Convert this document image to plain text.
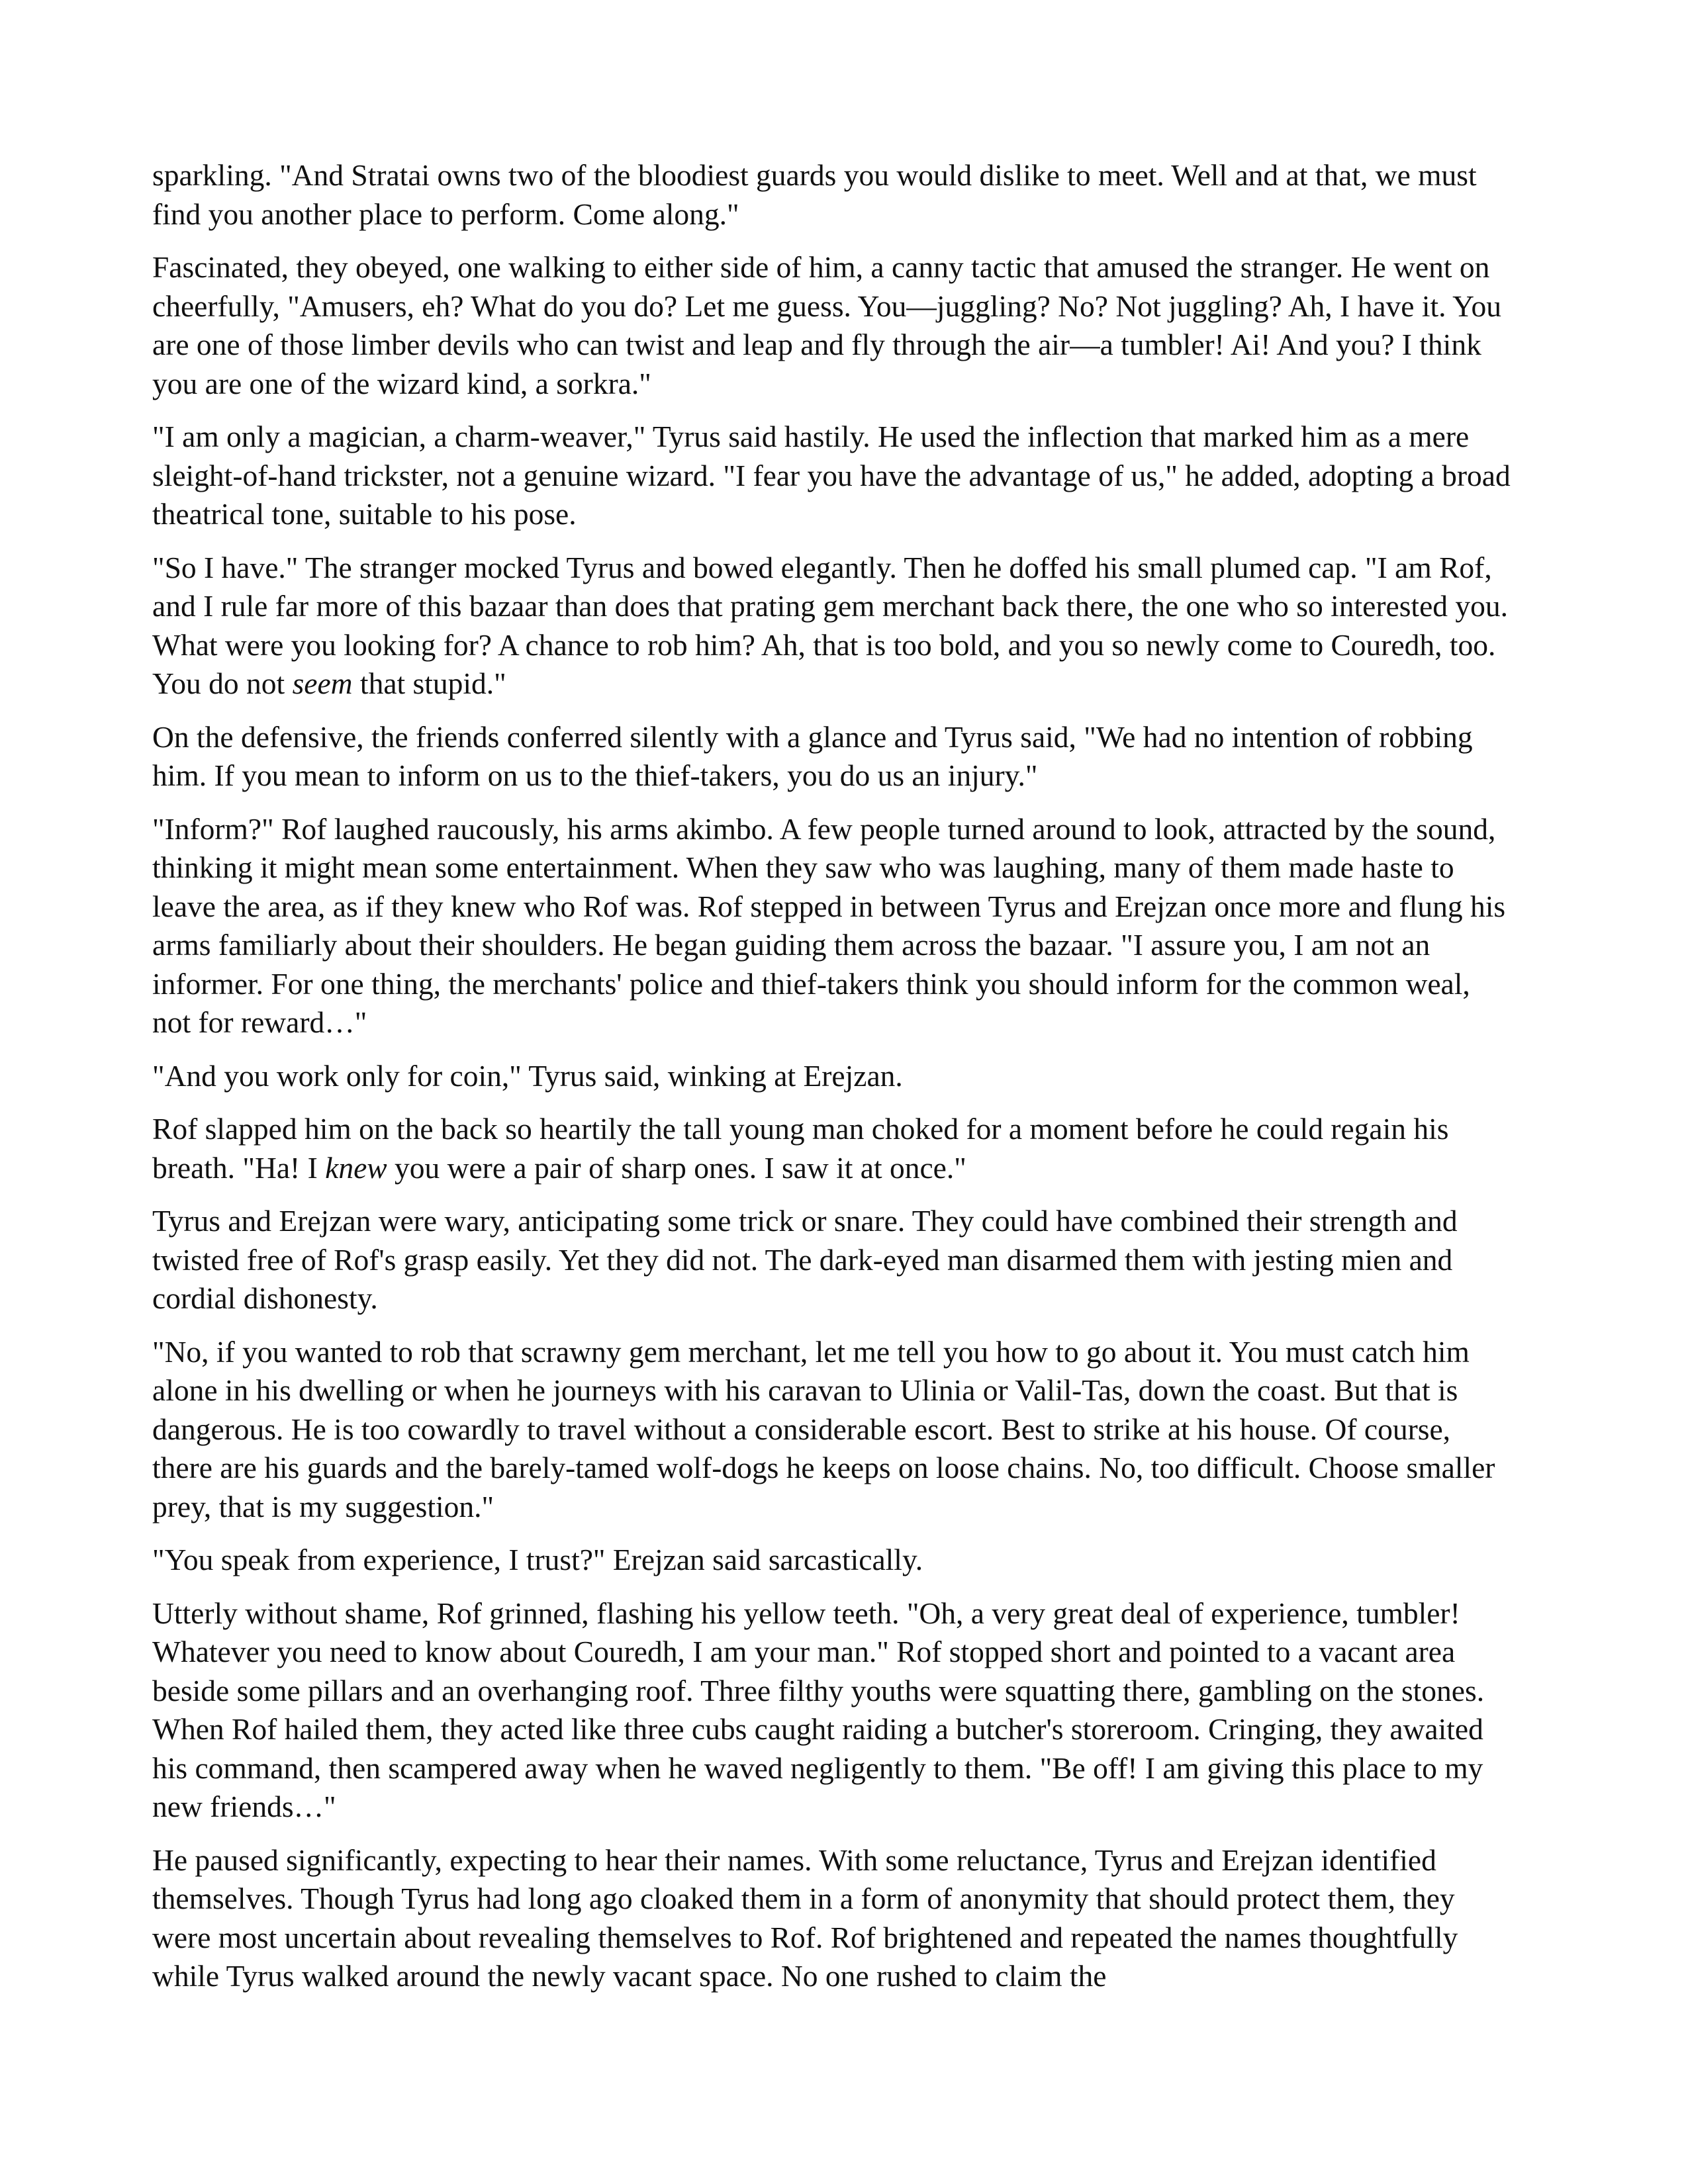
sparkling. "And Stratai owns two of the bloodiest guards you would dislike to meet. Well and at that, we must find you another place to perform. Come along."

Fascinated, they obeyed, one walking to either side of him, a canny tactic that amused the stranger. He went on cheerfully, "Amusers, eh? What do you do? Let me guess. You—juggling? No? Not juggling? Ah, I have it. You are one of those limber devils who can twist and leap and fly through the air—a tumbler! Ai! And you? I think you are one of the wizard kind, a sorkra."

"I am only a magician, a charm-weaver," Tyrus said hastily. He used the inflection that marked him as a mere sleight-of-hand trickster, not a genuine wizard. "I fear you have the advantage of us," he added, adopting a broad theatrical tone, suitable to his pose.

"So I have." The stranger mocked Tyrus and bowed elegantly. Then he doffed his small plumed cap. "I am Rof, and I rule far more of this bazaar than does that prating gem merchant back there, the one who so interested you. What were you looking for? A chance to rob him? Ah, that is too bold, and you so newly come to Couredh, too. You do not seem that stupid."

On the defensive, the friends conferred silently with a glance and Tyrus said, "We had no intention of robbing him. If you mean to inform on us to the thief-takers, you do us an injury."

"Inform?" Rof laughed raucously, his arms akimbo. A few people turned around to look, attracted by the sound, thinking it might mean some entertainment. When they saw who was laughing, many of them made haste to leave the area, as if they knew who Rof was. Rof stepped in between Tyrus and Erejzan once more and flung his arms familiarly about their shoulders. He began guiding them across the bazaar. "I assure you, I am not an informer. For one thing, the merchants' police and thief-takers think you should inform for the common weal, not for reward…"

"And you work only for coin," Tyrus said, winking at Erejzan.

Rof slapped him on the back so heartily the tall young man choked for a moment before he could regain his breath. "Ha! I knew you were a pair of sharp ones. I saw it at once."

Tyrus and Erejzan were wary, anticipating some trick or snare. They could have combined their strength and twisted free of Rof's grasp easily. Yet they did not. The dark-eyed man disarmed them with jesting mien and cordial dishonesty.

"No, if you wanted to rob that scrawny gem merchant, let me tell you how to go about it. You must catch him alone in his dwelling or when he journeys with his caravan to Ulinia or Valil-Tas, down the coast. But that is dangerous. He is too cowardly to travel without a considerable escort. Best to strike at his house. Of course, there are his guards and the barely-tamed wolf-dogs he keeps on loose chains. No, too difficult. Choose smaller prey, that is my suggestion."

"You speak from experience, I trust?" Erejzan said sarcastically.

Utterly without shame, Rof grinned, flashing his yellow teeth. "Oh, a very great deal of experience, tumbler! Whatever you need to know about Couredh, I am your man." Rof stopped short and pointed to a vacant area beside some pillars and an overhanging roof. Three filthy youths were squatting there, gambling on the stones. When Rof hailed them, they acted like three cubs caught raiding a butcher's storeroom. Cringing, they awaited his command, then scampered away when he waved negligently to them. "Be off! I am giving this place to my new friends…"

He paused significantly, expecting to hear their names. With some reluctance, Tyrus and Erejzan identified themselves. Though Tyrus had long ago cloaked them in a form of anonymity that should protect them, they were most uncertain about revealing themselves to Rof. Rof brightened and repeated the names thoughtfully while Tyrus walked around the newly vacant space. No one rushed to claim the
